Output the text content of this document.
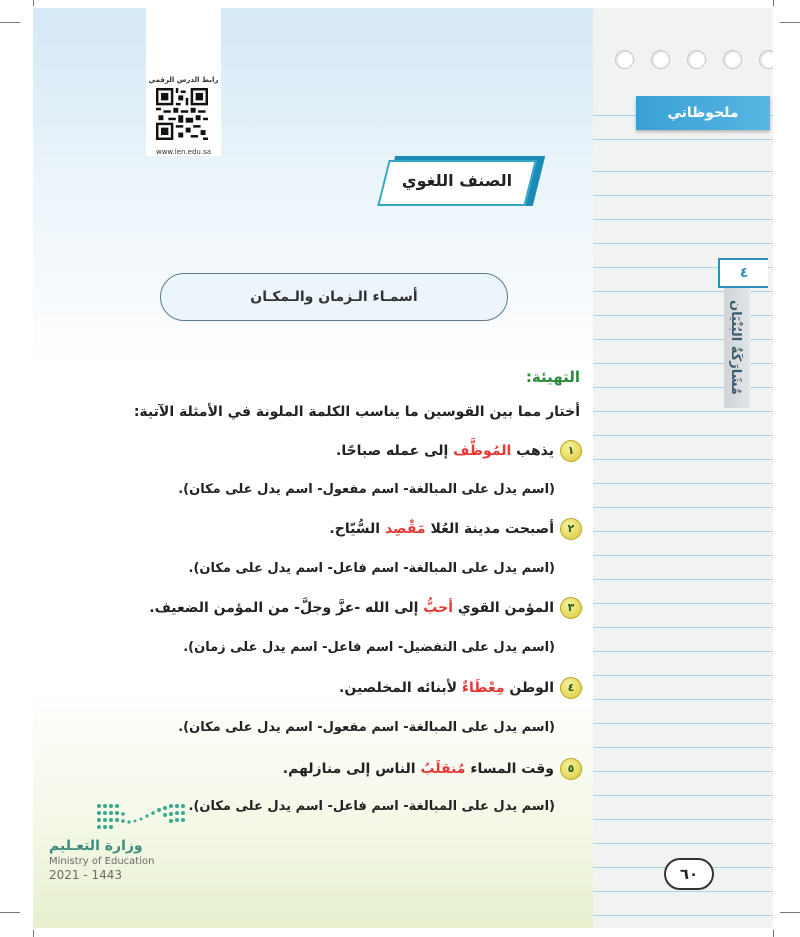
ملحوظاتي
٤
مُشَارَكَةٌ البُنْيَان
٦٠
رابط الدرس الرقمي
www.ien.edu.sa
الصنف اللغوي
أسمـاء الـزمان والـمكـان
التهيئة:
أختار مما بين القوسين ما يناسب الكلمة الملونة في الأمثلة الآتية:
١
يذهب المُوظَّف إلى عمله صباحًا.
(اسم يدل على المبالغة- اسم مفعول- اسم يدل على مكان).
٢
أصبحت مدينة العُلا مَقْصِد السُّيّاح.
(اسم يدل على المبالغة- اسم فاعل- اسم يدل على مكان).
٣
المؤمن القوي أحبُّ إلى الله -عزَّ وجلَّ- من المؤمن الضعيف.
(اسم يدل على التفضيل- اسم فاعل- اسم يدل على زمان).
٤
الوطن مِعْطَاءٌ لأبنائه المخلصين.
(اسم يدل على المبالغة- اسم مفعول- اسم يدل على مكان).
٥
وقت المساء مُنقلَبُ الناس إلى منازلهم.
(اسم يدل على المبالغة- اسم فاعل- اسم يدل على مكان).
وزارة التعـليم
Ministry of Education
2021 - 1443
